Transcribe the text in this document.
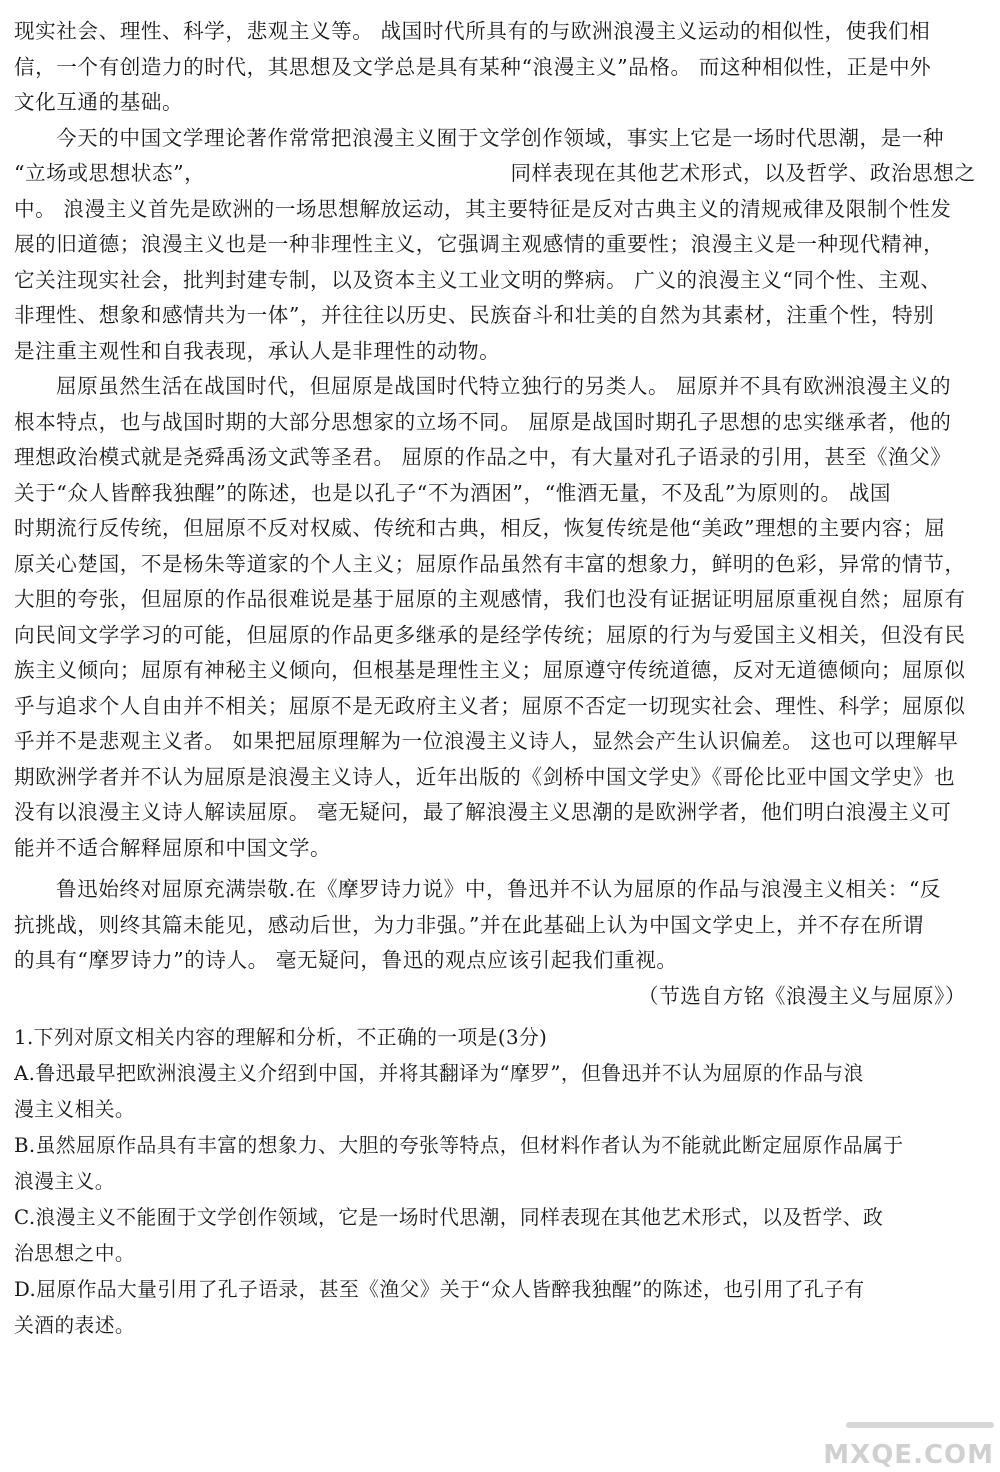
现实社会、理性、科学，悲观主义等。 战国时代所具有的与欧洲浪漫主义运动的相似性，使我们相
信，一个有创造力的时代，其思想及文学总是具有某种“浪漫主义”品格。 而这种相似性，正是中外
文化互通的基础。
今天的中国文学理论著作常常把浪漫主义囿于文学创作领域，事实上它是一场时代思潮，是一种
“立场或思想状态”，                                           同样表现在其他艺术形式，以及哲学、政治思想之
中。 浪漫主义首先是欧洲的一场思想解放运动，其主要特征是反对古典主义的清规戒律及限制个性发
展的旧道德；浪漫主义也是一种非理性主义，它强调主观感情的重要性；浪漫主义是一种现代精神，
它关注现实社会，批判封建专制，以及资本主义工业文明的弊病。 广义的浪漫主义“同个性、主观、
非理性、想象和感情共为一体”，并往往以历史、民族奋斗和壮美的自然为其素材，注重个性，特别
是注重主观性和自我表现，承认人是非理性的动物。
屈原虽然生活在战国时代，但屈原是战国时代特立独行的另类人。 屈原并不具有欧洲浪漫主义的
根本特点，也与战国时期的大部分思想家的立场不同。 屈原是战国时期孔子思想的忠实继承者，他的
理想政治模式就是尧舜禹汤文武等圣君。 屈原的作品之中，有大量对孔子语录的引用，甚至《渔父》
关于“众人皆醉我独醒”的陈述，也是以孔子“不为酒困”，“惟酒无量，不及乱”为原则的。 战国
时期流行反传统，但屈原不反对权威、传统和古典，相反，恢复传统是他“美政”理想的主要内容；屈
原关心楚国，不是杨朱等道家的个人主义；屈原作品虽然有丰富的想象力，鲜明的色彩，异常的情节，
大胆的夸张，但屈原的作品很难说是基于屈原的主观感情，我们也没有证据证明屈原重视自然；屈原有
向民间文学学习的可能，但屈原的作品更多继承的是经学传统；屈原的行为与爱国主义相关，但没有民
族主义倾向；屈原有神秘主义倾向，但根基是理性主义；屈原遵守传统道德，反对无道德倾向；屈原似
乎与追求个人自由并不相关；屈原不是无政府主义者；屈原不否定一切现实社会、理性、科学；屈原似
乎并不是悲观主义者。 如果把屈原理解为一位浪漫主义诗人，显然会产生认识偏差。 这也可以理解早
期欧洲学者并不认为屈原是浪漫主义诗人，近年出版的《剑桥中国文学史》《哥伦比亚中国文学史》也
没有以浪漫主义诗人解读屈原。 毫无疑问，最了解浪漫主义思潮的是欧洲学者，他们明白浪漫主义可
能并不适合解释屈原和中国文学。
鲁迅始终对屈原充满崇敬.在《摩罗诗力说》中，鲁迅并不认为屈原的作品与浪漫主义相关：“反
抗挑战，则终其篇未能见，感动后世，为力非强。”并在此基础上认为中国文学史上，并不存在所谓
的具有“摩罗诗力”的诗人。 毫无疑问，鲁迅的观点应该引起我们重视。
（节选自方铭《浪漫主义与屈原》）
1.下列对原文相关内容的理解和分析，不正确的一项是(3分)
A.鲁迅最早把欧洲浪漫主义介绍到中国，并将其翻译为“摩罗”，但鲁迅并不认为屈原的作品与浪
漫主义相关。
B.虽然屈原作品具有丰富的想象力、大胆的夸张等特点，但材料作者认为不能就此断定屈原作品属于
浪漫主义。
C.浪漫主义不能囿于文学创作领域，它是一场时代思潮，同样表现在其他艺术形式，以及哲学、政
治思想之中。
D.屈原作品大量引用了孔子语录，甚至《渔父》关于“众人皆醉我独醒”的陈述，也引用了孔子有
关酒的表述。
MXQE.COM
